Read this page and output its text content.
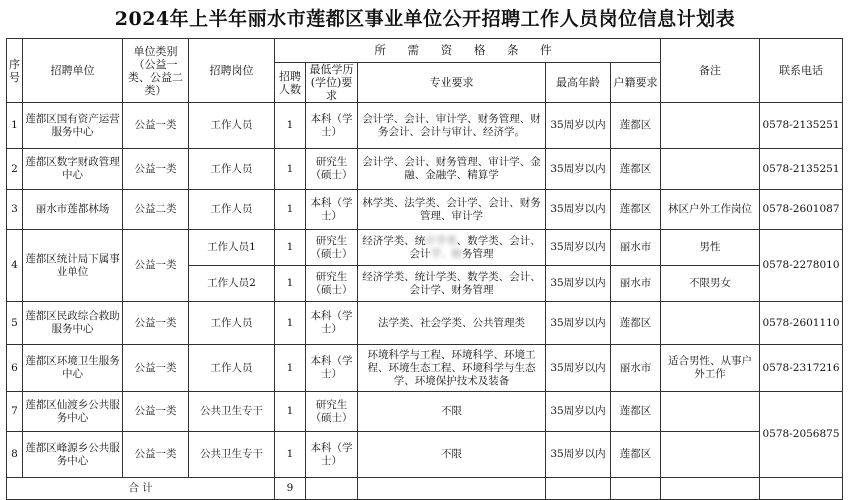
2024年上半年丽水市莲都区事业单位公开招聘工作人员岗位信息计划表
序号	招聘单位	单位类别（公益一类、公益二类）	招聘岗位	所 需 资 格 条 件					备注	联系电话
				招聘人数	最低学历(学位)要求	专业要求	最高年龄	户籍要求		
1	莲都区国有资产运营服务中心	公益一类	工作人员	1	本科（学士）	会计学、会计、审计学、财务管理、财务会计、会计与审计、经济学。	35周岁以内	莲都区		0578-2135251
2	莲都区数字财政管理中心	公益一类	工作人员	1	研究生（硕士）	会计学、会计、财务管理、审计学、金融、金融学、精算学	35周岁以内	莲都区		0578-2135251
3	丽水市莲都林场	公益二类	工作人员	1	本科（学士）	林学类、法学类、会计学、会计、财务管理、审计学	35周岁以内	莲都区	林区户外工作岗位	0578-2601087
4	莲都区统计局下属事业单位	公益一类	工作人员1	1	研究生（硕士）	经济学类、统计学类、数学类、会计、会计学、财务管理	35周岁以内	丽水市	男性	0578-2278010
			工作人员2	1	研究生（硕士）	经济学类、统计学类、数学类、会计、会计学、财务管理	35周岁以内	丽水市	不限男女	
5	莲都区民政综合救助服务中心	公益一类	工作人员	1	本科（学士）	法学类、社会学类、公共管理类	35周岁以内	莲都区		0578-2601110
6	莲都区环境卫生服务中心	公益一类	工作人员	1	本科（学士）	环境科学与工程、环境科学、环境工程、环境生态工程、环境科学与生态学、环境保护技术及装备	35周岁以内	丽水市	适合男性、从事户外工作	0578-2317216
7	莲都区仙渡乡公共服务中心	公益一类	公共卫生专干	1	研究生（硕士）	不限	35周岁以内	莲都区		0578-2056875
8	莲都区峰源乡公共服务中心	公益一类	公共卫生专干	1	本科（学士）	不限	35周岁以内	莲都区		
合 计				9						
